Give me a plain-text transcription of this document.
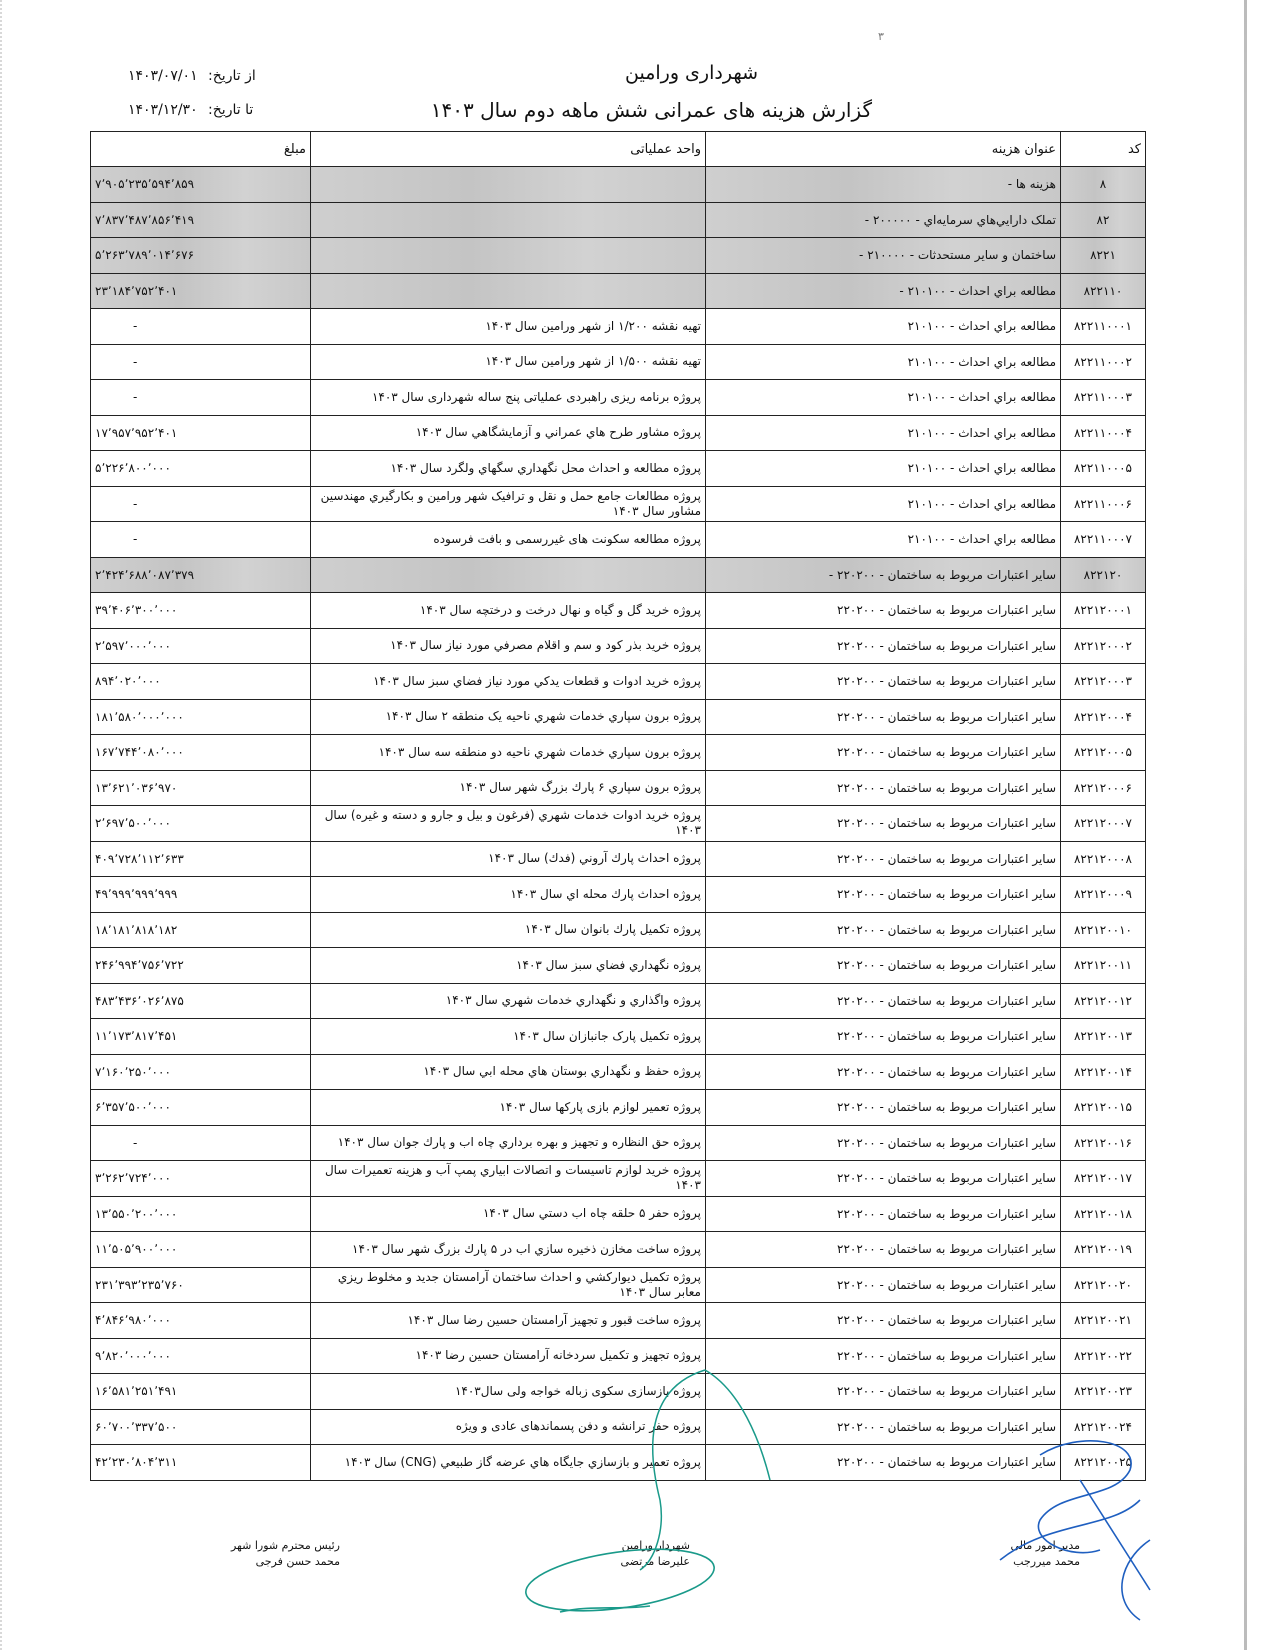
۳
شهرداری ورامین
گزارش هزینه های عمرانی شش ماهه دوم سال ۱۴۰۳
از تاریخ: ۱۴۰۳/۰۷/۰۱
تا تاریخ: ۱۴۰۳/۱۲/۳۰
کد	عنوان هزینه	واحد عملیاتی	مبلغ
۸	هزینه ها -		۷٬۹۰۵٬۲۳۵٬۵۹۴٬۸۵۹
۸۲	تملک دارايي‌هاي سرمايه‌اي - ۲۰۰۰۰۰ -		۷٬۸۳۷٬۴۸۷٬۸۵۶٬۴۱۹
۸۲۲۱	ساختمان و ساير مستحدثات - ۲۱۰۰۰۰ -		۵٬۲۶۳٬۷۸۹٬۰۱۴٬۶۷۶
۸۲۲۱۱۰	مطالعه براي احداث - ۲۱۰۱۰۰ -		۲۳٬۱۸۴٬۷۵۲٬۴۰۱
۸۲۲۱۱۰۰۰۱	مطالعه براي احداث - ۲۱۰۱۰۰	تهیه نقشه ۱/۲۰۰ از شهر ورامین سال ۱۴۰۳	-
۸۲۲۱۱۰۰۰۲	مطالعه براي احداث - ۲۱۰۱۰۰	تهیه نقشه ۱/۵۰۰ از شهر ورامین سال ۱۴۰۳	-
۸۲۲۱۱۰۰۰۳	مطالعه براي احداث - ۲۱۰۱۰۰	پروژه برنامه ریزی راهبردی عملیاتی پنج ساله شهرداری سال ۱۴۰۳	-
۸۲۲۱۱۰۰۰۴	مطالعه براي احداث - ۲۱۰۱۰۰	پروژه مشاور طرح هاي عمراني و آزمايشگاهي سال ۱۴۰۳	۱۷٬۹۵۷٬۹۵۲٬۴۰۱
۸۲۲۱۱۰۰۰۵	مطالعه براي احداث - ۲۱۰۱۰۰	پروژه مطالعه و احداث محل نگهداري سگهاي ولگرد سال ۱۴۰۳	۵٬۲۲۶٬۸۰۰٬۰۰۰
۸۲۲۱۱۰۰۰۶	مطالعه براي احداث - ۲۱۰۱۰۰	پروژه مطالعات جامع حمل و نقل و ترافیک شهر ورامین و بکارگيري مهندسين مشاور سال ۱۴۰۳	-
۸۲۲۱۱۰۰۰۷	مطالعه براي احداث - ۲۱۰۱۰۰	پروژه مطالعه سکونت های غیررسمی و بافت فرسوده	-
۸۲۲۱۲۰	ساير اعتبارات مربوط به ساختمان - ۲۲۰۲۰۰ -		۲٬۴۲۴٬۶۸۸٬۰۸۷٬۳۷۹
۸۲۲۱۲۰۰۰۱	ساير اعتبارات مربوط به ساختمان - ۲۲۰۲۰۰	پروژه خريد گل و گياه و نهال درخت و درختچه سال ۱۴۰۳	۳۹٬۴۰۶٬۳۰۰٬۰۰۰
۸۲۲۱۲۰۰۰۲	ساير اعتبارات مربوط به ساختمان - ۲۲۰۲۰۰	پروژه خريد بذر کود و سم و اقلام مصرفي مورد نياز سال ۱۴۰۳	۲٬۵۹۷٬۰۰۰٬۰۰۰
۸۲۲۱۲۰۰۰۳	ساير اعتبارات مربوط به ساختمان - ۲۲۰۲۰۰	پروژه خريد ادوات و قطعات يدكي مورد نياز فضاي سبز سال ۱۴۰۳	۸۹۴٬۰۲۰٬۰۰۰
۸۲۲۱۲۰۰۰۴	ساير اعتبارات مربوط به ساختمان - ۲۲۰۲۰۰	پروژه برون سپاري خدمات شهري ناحيه يک منطقه ۲ سال ۱۴۰۳	۱۸۱٬۵۸۰٬۰۰۰٬۰۰۰
۸۲۲۱۲۰۰۰۵	ساير اعتبارات مربوط به ساختمان - ۲۲۰۲۰۰	پروژه برون سپاري خدمات شهري ناحيه دو منطقه سه سال ۱۴۰۳	۱۶۷٬۷۴۴٬۰۸۰٬۰۰۰
۸۲۲۱۲۰۰۰۶	ساير اعتبارات مربوط به ساختمان - ۲۲۰۲۰۰	پروژه برون سپاري ۶ پارك بزرگ شهر سال ۱۴۰۳	۱۳٬۶۲۱٬۰۳۶٬۹۷۰
۸۲۲۱۲۰۰۰۷	ساير اعتبارات مربوط به ساختمان - ۲۲۰۲۰۰	پروژه خريد ادوات خدمات شهري (فرغون و بيل و جارو و دسته و غيره) سال ۱۴۰۳	۲٬۶۹۷٬۵۰۰٬۰۰۰
۸۲۲۱۲۰۰۰۸	ساير اعتبارات مربوط به ساختمان - ۲۲۰۲۰۰	پروژه احداث پارك آروني (فدك) سال ۱۴۰۳	۴۰۹٬۷۲۸٬۱۱۲٬۶۳۳
۸۲۲۱۲۰۰۰۹	ساير اعتبارات مربوط به ساختمان - ۲۲۰۲۰۰	پروژه احداث پارك محله اي سال ۱۴۰۳	۴۹٬۹۹۹٬۹۹۹٬۹۹۹
۸۲۲۱۲۰۰۱۰	ساير اعتبارات مربوط به ساختمان - ۲۲۰۲۰۰	پروژه تكميل پارك بانوان سال ۱۴۰۳	۱۸٬۱۸۱٬۸۱۸٬۱۸۲
۸۲۲۱۲۰۰۱۱	ساير اعتبارات مربوط به ساختمان - ۲۲۰۲۰۰	پروژه نگهداري فضاي سبز سال ۱۴۰۳	۲۴۶٬۹۹۴٬۷۵۶٬۷۲۲
۸۲۲۱۲۰۰۱۲	ساير اعتبارات مربوط به ساختمان - ۲۲۰۲۰۰	پروژه واگذاري و نگهداري خدمات شهري سال ۱۴۰۳	۴۸۳٬۴۳۶٬۰۲۶٬۸۷۵
۸۲۲۱۲۰۰۱۳	ساير اعتبارات مربوط به ساختمان - ۲۲۰۲۰۰	پروژه تكميل پارک جانبازان سال ۱۴۰۳	۱۱٬۱۷۳٬۸۱۷٬۴۵۱
۸۲۲۱۲۰۰۱۴	ساير اعتبارات مربوط به ساختمان - ۲۲۰۲۰۰	پروژه حفظ و نگهداري بوستان هاي محله ابي سال ۱۴۰۳	۷٬۱۶۰٬۲۵۰٬۰۰۰
۸۲۲۱۲۰۰۱۵	ساير اعتبارات مربوط به ساختمان - ۲۲۰۲۰۰	پروژه تعمير لوازم بازی پارکها سال ۱۴۰۳	۶٬۳۵۷٬۵۰۰٬۰۰۰
۸۲۲۱۲۰۰۱۶	ساير اعتبارات مربوط به ساختمان - ۲۲۰۲۰۰	پروژه حق النظاره و تجهيز و بهره برداري چاه اب و پارك جوان سال ۱۴۰۳	-
۸۲۲۱۲۰۰۱۷	ساير اعتبارات مربوط به ساختمان - ۲۲۰۲۰۰	پروژه خريد لوازم تاسيسات و اتصالات ابياري پمپ آب و هزينه تعميرات سال ۱۴۰۳	۳٬۲۶۲٬۷۲۴٬۰۰۰
۸۲۲۱۲۰۰۱۸	ساير اعتبارات مربوط به ساختمان - ۲۲۰۲۰۰	پروژه حفر ۵ حلقه چاه اب دستي سال ۱۴۰۳	۱۳٬۵۵۰٬۲۰۰٬۰۰۰
۸۲۲۱۲۰۰۱۹	ساير اعتبارات مربوط به ساختمان - ۲۲۰۲۰۰	پروژه ساخت مخازن ذخيره سازي اب در ۵ پارك بزرگ شهر سال ۱۴۰۳	۱۱٬۵۰۵٬۹۰۰٬۰۰۰
۸۲۲۱۲۰۰۲۰	ساير اعتبارات مربوط به ساختمان - ۲۲۰۲۰۰	پروژه تكميل ديواركشي و احداث ساختمان آرامستان جديد و مخلوط ريزي معابر سال ۱۴۰۳	۲۳۱٬۳۹۳٬۲۳۵٬۷۶۰
۸۲۲۱۲۰۰۲۱	ساير اعتبارات مربوط به ساختمان - ۲۲۰۲۰۰	پروژه ساخت قبور و تجهیز آرامستان حسین رضا سال ۱۴۰۳	۴٬۸۴۶٬۹۸۰٬۰۰۰
۸۲۲۱۲۰۰۲۲	ساير اعتبارات مربوط به ساختمان - ۲۲۰۲۰۰	پروژه تجهیز و تکمیل سردخانه آرامستان حسین رضا ۱۴۰۳	۹٬۸۲۰٬۰۰۰٬۰۰۰
۸۲۲۱۲۰۰۲۳	ساير اعتبارات مربوط به ساختمان - ۲۲۰۲۰۰	پروژه بازسازی سکوی زباله خواجه ولی سال۱۴۰۳	۱۶٬۵۸۱٬۲۵۱٬۴۹۱
۸۲۲۱۲۰۰۲۴	ساير اعتبارات مربوط به ساختمان - ۲۲۰۲۰۰	پروژه حفر ترانشه و دفن پسماندهای عادی و ویژه	۶۰٬۷۰۰٬۳۳۷٬۵۰۰
۸۲۲۱۲۰۰۲۵	ساير اعتبارات مربوط به ساختمان - ۲۲۰۲۰۰	پروژه تعمير و بازسازي جايگاه هاي عرضه گاز طبيعي (CNG) سال ۱۴۰۳	۴۲٬۲۳۰٬۸۰۴٬۳۱۱
مدیر امور مالی
محمد میررجب
شهردار ورامین
علیرضا مرتضی
رئیس محترم شورا شهر
محمد حسن فرجی
